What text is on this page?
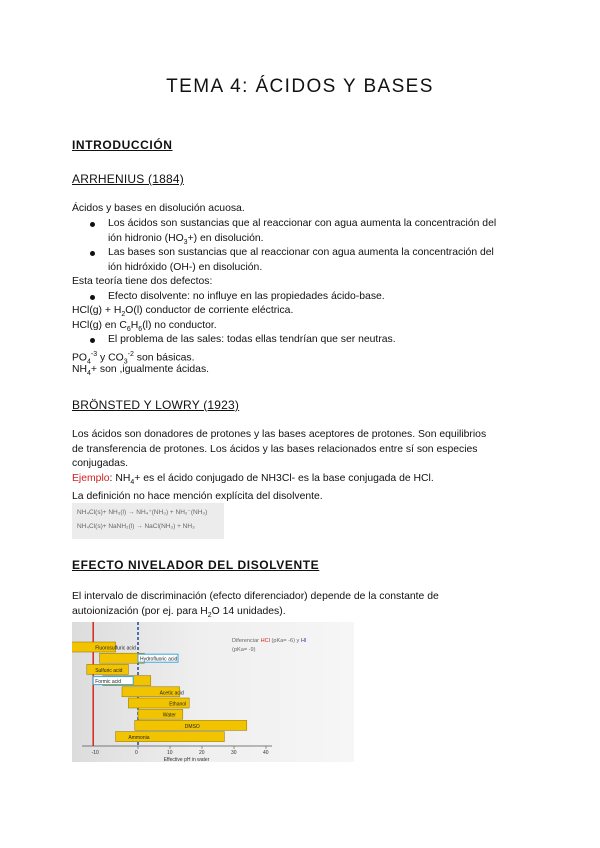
TEMA 4: ÁCIDOS Y BASES
INTRODUCCIÓN
ARRHENIUS (1884)
Ácidos y bases en disolución acuosa.
Los ácidos son sustancias que al reaccionar con agua aumenta la concentración del
ión hidronio $(HO_3+)$ en disolución.
Las bases son sustancias que al reaccionar con agua aumenta la concentración del
ión hidróxido (OH-) en disolución.
Esta teoría tiene dos defectos:
Efecto disolvente: no influye en las propiedades ácido-base.
$HCl(g) + H_2O(l)$ conductor de corriente eléctrica.
HCl(g) en $C_6H_6(l)$ no conductor.
El problema de las sales: todas ellas tendrían que ser neutras.
$PO_4^{-3}$ y $CO_3^{-2}$ son básicas.
$NH_4+$ son ,igualmente ácidas.
BRÖNSTED Y LOWRY (1923)
Los ácidos son donadores de protones y las bases aceptores de protones. Son equilibrios
de transferencia de protones. Los ácidos y las bases relacionados entre sí son especies
conjugadas.
Ejemplo: $NH_4+$ es el ácido conjugado de NH3Cl- es la base conjugada de HCl.
La definición no hace mención explícita del disolvente.
NH₄Cl(s)+ NH₃(l) → NH₄⁺(NH₃) + NH₂⁻(NH₃)
NH₄Cl(s)+ NaNH₂(l) → NaCl(NH₃) + NH₃
EFECTO NIVELADOR DEL DISOLVENTE
El intervalo de discriminación (efecto diferenciador) depende de la constante de
autoionización (por ej. para $H_2O$ 14 unidades).
Fluorosulfuric acid
Hydrofluoric acid
Sulfuric acid
Formic acid
Acetic acid
Ethanol
Water
DMSO
Ammonia
0	10	20	30	40
-10
Effective pH in water
Diferenciar HCl (pKa= -6) y HI
(pKa= -9)
